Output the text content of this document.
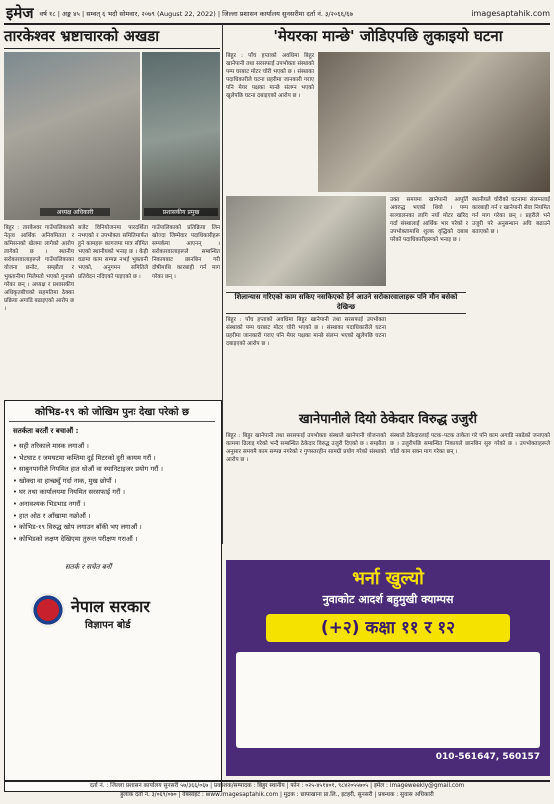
इमेज वर्ष १८ | अङ्क ४५ | सम्वत् ६ भदौ सोमवार, २०७९ (August 22, 2022) | जिल्ला प्रशासन कार्यालय सुनसरीमा दर्ता नं. ३/२०६६/६७	imagesaptahik.com
तारकेश्वर भ्रष्टाचारको अखडा
अध्यक्ष अधिकारी	प्रशासकीय प्रमुख

बिहुर : तारकेश्वर गाउँपालिकाको नेतृत्व आर्थिक अनियमितता र कमिसनको खेलमा लागेको आरोप लागेको छ । स्थानीय सरोकारवालाहरूले गाउँपालिकाका योजना छनोट, सम्झौता र भुक्तानीमा मिलेमतो भएको गुनासो गरेका छन् । अध्यक्ष र प्रशासकीय अधिकृतबीचको सहमतिमा ठेक्का प्रक्रिया अगाडि बढाइएको आरोप छ ।

बजेट विनियोजनमा पारदर्शिता नभएको र उपभोक्ता समितिमार्फत हुने कामहरू कागजमा मात्र सीमित भएको स्थानीयको भनाइ छ । केही वडामा काम सम्पन्न नभई भुक्तानी भएको, अनुगमन समितिले प्रतिवेदन नदिएको पाइएको छ ।

गाउँपालिकाको प्रतिक्रिया लिन खोज्दा जिम्मेवार पदाधिकारीहरू सम्पर्कमा आएनन् । सरोकारवालाहरूले सम्बन्धित निकायबाट छानबिन गरी दोषीमाथि कारबाही गर्न माग गरेका छन् ।

कोभिड-१९ को जोखिम पुनः देखा परेको छ
सतर्कता बरतौं र बचाऔं :
• सही तरिकाले मास्क लगाऔं ।
• भेटघाट र जमघटमा कम्तिमा दुई मिटरको दुरी कायम गरौं ।
• साबुनपानीले नियमित हात धोऔं वा स्यानिटाइजर प्रयोग गरौं ।
• खोक्दा वा हाच्छ्युँ गर्दा नाक, मुख छोपौं ।
• घर तथा कार्यालयमा नियमित सरसफाई गरौं ।
• अनावश्यक भिडभाड नगरौं ।
• हात ओठ र आँखामा नछोऔं ।
• कोभिड-१९ विरुद्ध खोप लगाउन बाँकी भए लगाऔं ।
• कोभिडको लक्षण देखिएमा तुरुन्त परीक्षण गराऔं ।
सतर्क र सचेत बनौं
नेपाल सरकार
विज्ञापन बोर्ड
'मेयरका मान्छे' जोडिएपछि लुकाइयो घटना

बिहुर : पाँच हप्ताको अवधिमा बिहुर खानेपानी तथा सरसफाई उपभोक्ता संस्थाको पम्प घरबाट मोटर चोरी भएको छ । संस्थाका पदाधिकारीले घटना प्रहरीमा जानकारी गराए पनि मेयर पक्षका मान्छे संलग्न भएको खुलेपछि घटना दबाइएको आरोप छ ।

उक्त समयमा खानेपानी आपूर्ति अवरुद्ध भएको थियो । पम्प सञ्चालनका लागि नयाँ मोटर खरिद गर्दा संस्थालाई आर्थिक भार परेको र उपभोक्तामाथि शुल्क वृद्धिको दबाब परेको पदाधिकारीहरूको भनाइ छ ।

स्थानीयले चोरीको घटनामा संलग्नलाई कारबाही गर्न र खानेपानी सेवा नियमित गर्न माग गरेका छन् । प्रहरीले भने उजुरी परे अनुसन्धान अघि बढाउने बताएको छ ।

शिलान्यास गरिएको काम सकिए नसकिएको हेर्न आउने सरोकारवालाहरू पनि मौन बसेको देखिन्छ

बिहुर : पाँच हप्ताको अवधिमा बिहुर खानेपानी तथा सरसफाई उपभोक्ता संस्थाको पम्प घरबाट मोटर चोरी भएको छ । संस्थाका पदाधिकारीले घटना प्रहरीमा जानकारी गराए पनि मेयर पक्षका मान्छे संलग्न भएको खुलेपछि घटना दबाइएको आरोप छ ।

खानेपानीले दियो ठेकेदार विरुद्ध उजुरी

बिहुर : बिहुर खानेपानी तथा सरसफाई उपभोक्ता संस्थाले खानेपानी योजनाको काममा ढिलाइ गरेको भन्दै सम्बन्धित ठेकेदार विरुद्ध उजुरी दिएको छ । सम्झौता अनुसार समयमै काम सम्पन्न नगरेको र गुणस्तरहीन सामग्री प्रयोग गरेको संस्थाको आरोप छ ।

संस्थाले ठेकेदारलाई पटक–पटक ताकेता गरे पनि काम अगाडि नबढेको जनाएको छ । उजुरीपछि सम्बन्धित निकायले छानबिन सुरु गरेको छ । उपभोक्ताहरूले चाँडो काम सक्न माग गरेका छन् ।

भर्ना खुल्यो
नुवाकोट आदर्श बहुमुखी क्याम्पस
(+२) कक्षा ११ र १२
010-561647, 560157
दर्ता नं. : जिल्ला प्रशासन कार्यालय सुनसरी ५७/३६६/०६७ | प्रकाशक/सम्पादक : बिहुर स्थानीय | फोन : ०२५-४५१४०१, ९८४२०५५७०५ | इमेल : imageweekly@gmail.com
हुलाक दर्ता नं. ३/०६९/०७० | वेबसाइट : www.imagesaptahik.com | मुद्रक : छापाखाना प्रा.लि., इटहरी, सुनसरी | प्रबन्धक : सुवास अधिकारी
